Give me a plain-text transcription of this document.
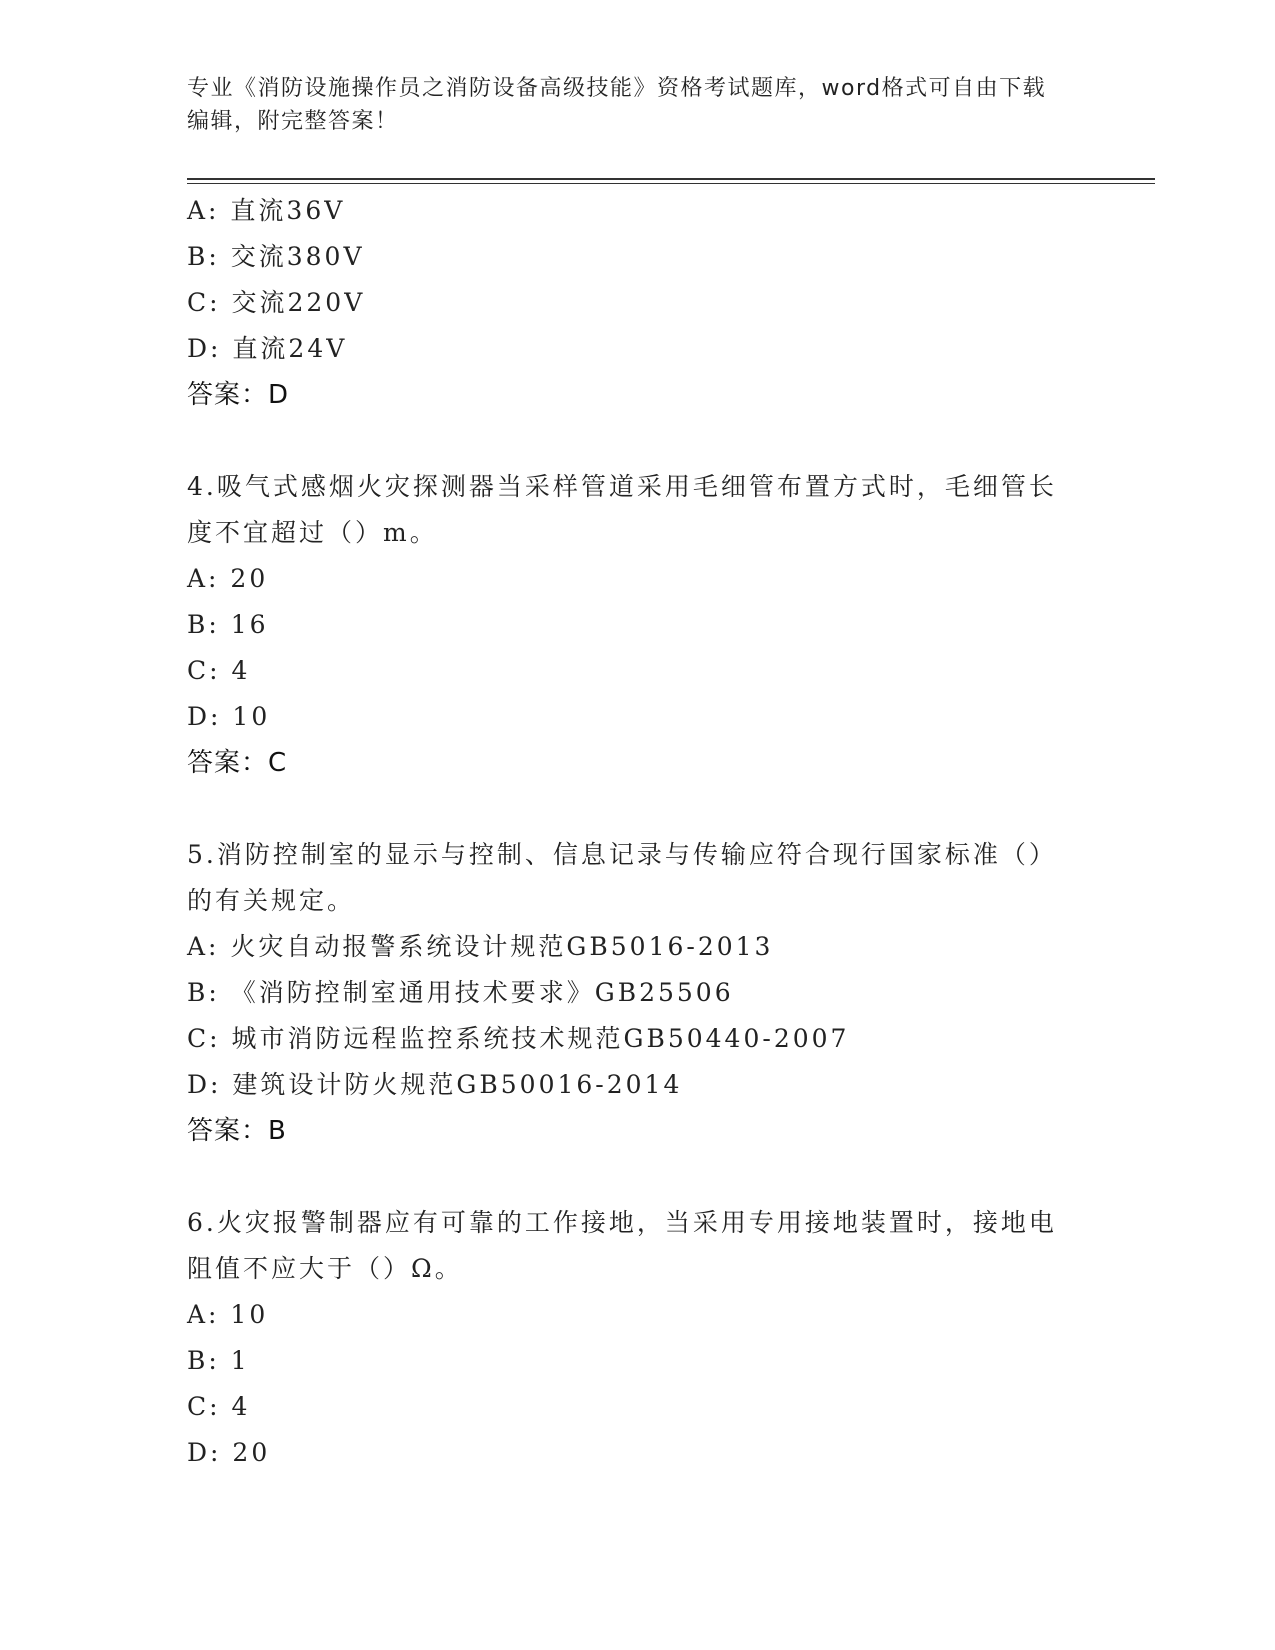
专业《消防设施操作员之消防设备高级技能》资格考试题库，word格式可自由下载编辑，附完整答案！
A: 直流36V
B: 交流380V
C: 交流220V
D: 直流24V
答案：D
4.吸气式感烟火灾探测器当采样管道采用毛细管布置方式时，毛细管长度不宜超过（）m。
A: 20
B: 16
C: 4
D: 10
答案：C
5.消防控制室的显示与控制、信息记录与传输应符合现行国家标准（）的有关规定。
A: 火灾自动报警系统设计规范GB5016-2013
B: 《消防控制室通用技术要求》GB25506
C: 城市消防远程监控系统技术规范GB50440-2007
D: 建筑设计防火规范GB50016-2014
答案：B
6.火灾报警制器应有可靠的工作接地，当采用专用接地装置时，接地电阻值不应大于（）Ω。
A: 10
B: 1
C: 4
D: 20
